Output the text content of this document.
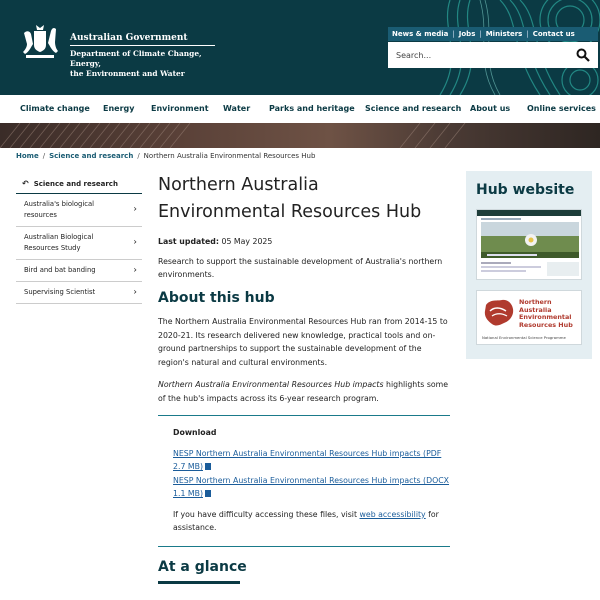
Australian Government
Department of Climate Change, Energy,
the Environment and Water
News & media | Jobs | Ministers | Contact us
Search...
Climate change Energy Environment Water Parks and heritage Science and research About us Online services
Home / Science and research / Northern Australia Environmental Resources Hub
↶ Science and research
Australia's biological resources
›
Australian Biological Resources Study
›
Bird and bat banding	›
Supervising Scientist	›
Northern Australia Environmental Resources Hub
Last updated: 05 May 2025

Research to support the sustainable development of Australia's northern environments.

About this hub

The Northern Australia Environmental Resources Hub ran from 2014-15 to 2020-21. Its research delivered new knowledge, practical tools and on-ground partnerships to support the sustainable development of the region's natural and cultural environments.

Northern Australia Environmental Resources Hub impacts highlights some of the hub's impacts across its 6-year research program.

Download
NESP Northern Australia Environmental Resources Hub impacts (PDF 2.7 MB)
NESP Northern Australia Environmental Resources Hub impacts (DOCX 1.1 MB)

If you have difficulty accessing these files, visit web accessibility for assistance.

At a glance
Hub website
Northern Australia Environmental Resources Hub
National Environmental Science Programme
